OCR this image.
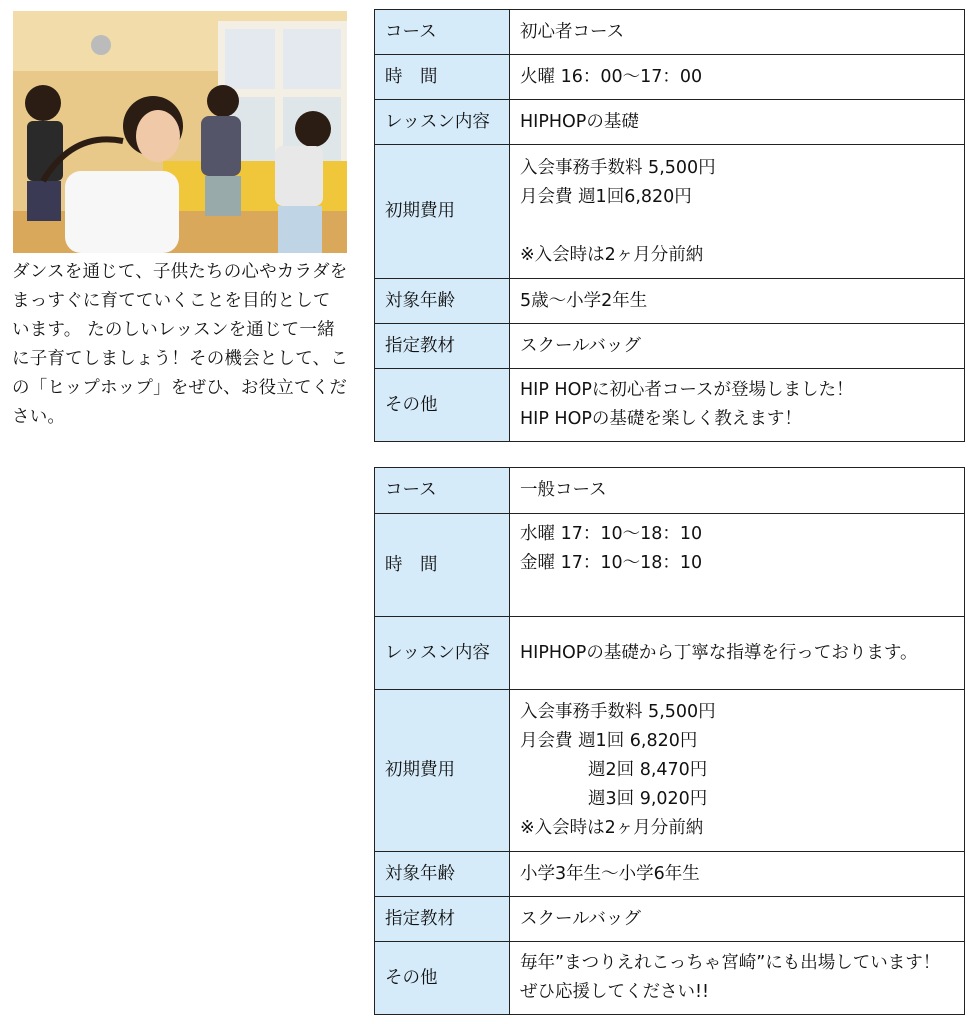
ダンスを通じて、子供たちの心やカラダをまっすぐに育てていくことを目的としています。 たのしいレッスンを通じて一緒に子育てしましょう！その機会として、この「ヒップホップ」をぜひ、お役立てください。

コース	初心者コース
時　間	火曜 16：00〜17：00
レッスン内容	HIPHOPの基礎
初期費用	入会事務手数料 5,500円
月会費 週1回6,820円

※入会時は2ヶ月分前納

対象年齢	5歳〜小学2年生
指定教材	スクールバッグ
その他	HIP HOPに初心者コースが登場しました！
HIP HOPの基礎を楽しく教えます！
コース	一般コース
時　間	水曜 17：10〜18：10
金曜 17：10〜18：10

レッスン内容	HIPHOPの基礎から丁寧な指導を行っております。
初期費用	入会事務手数料 5,500円
月会費 週1回 6,820円
週2回 8,470円
週3回 9,020円
※入会時は2ヶ月分前納

対象年齢	小学3年生〜小学6年生
指定教材	スクールバッグ
その他	毎年”まつりえれこっちゃ宮崎”にも出場しています！　ぜひ応援してください!!
